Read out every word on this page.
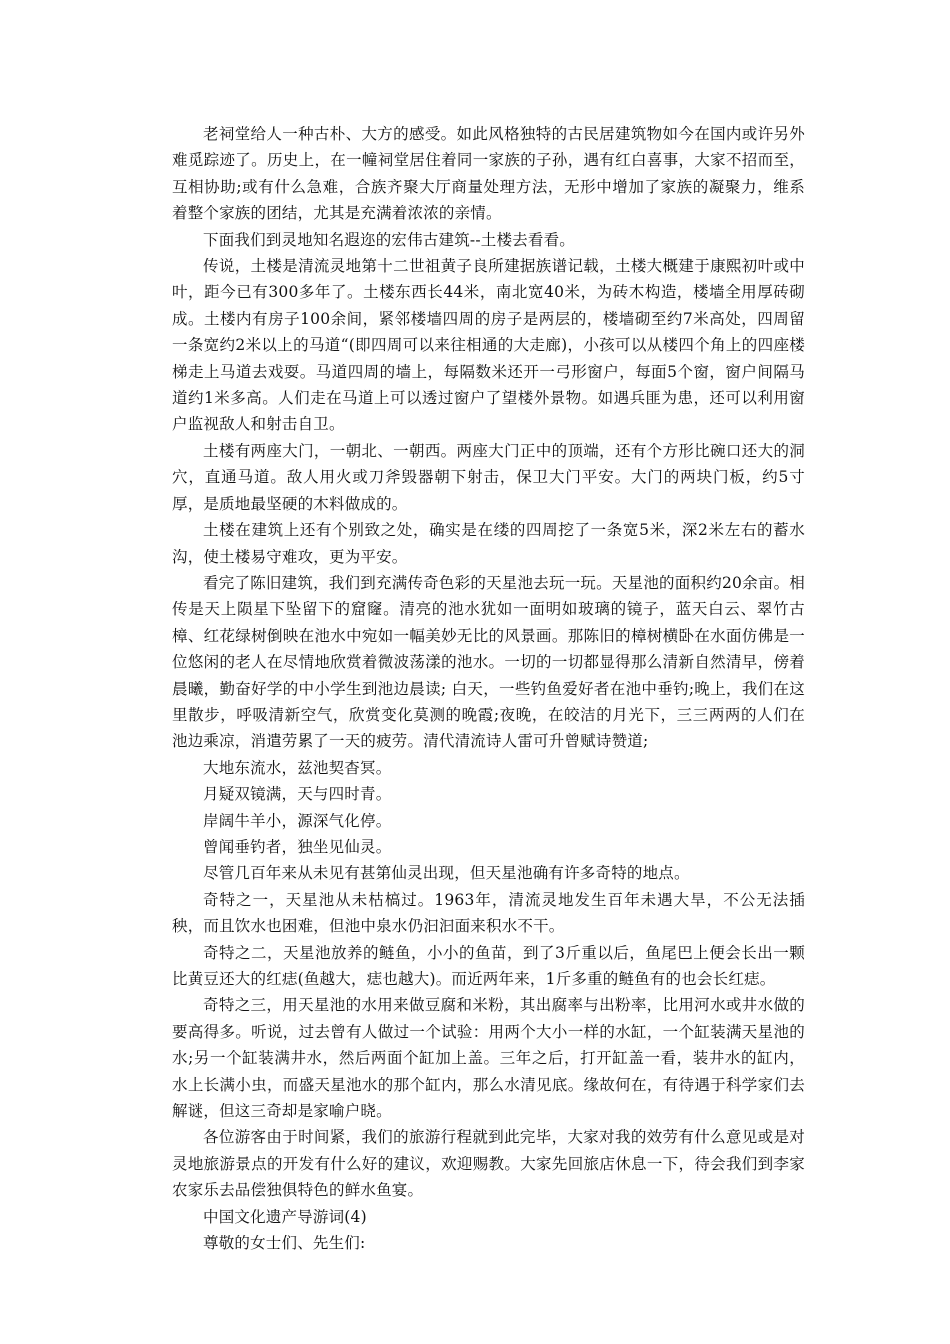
老祠堂给人一种古朴、大方的感受。如此风格独特的古民居建筑物如今在国内或许另外难觅踪迹了。历史上，在一幢祠堂居住着同一家族的子孙，遇有红白喜事，大家不招而至，互相协助;或有什么急难，合族齐聚大厅商量处理方法，无形中增加了家族的凝聚力，维系着整个家族的团结，尤其是充满着浓浓的亲情。

下面我们到灵地知名遐迩的宏伟古建筑--土楼去看看。

传说，土楼是清流灵地第十二世祖黄子良所建据族谱记载，土楼大概建于康熙初叶或中叶，距今已有300多年了。土楼东西长44米，南北宽40米，为砖木构造，楼墙全用厚砖砌成。土楼内有房子100余间，紧邻楼墙四周的房子是两层的，楼墙砌至约7米高处，四周留一条宽约2米以上的马道“(即四周可以来往相通的大走廊)，小孩可以从楼四个角上的四座楼梯走上马道去戏耍。马道四周的墙上，每隔数米还开一弓形窗户，每面5个窗，窗户间隔马道约1米多高。人们走在马道上可以透过窗户了望楼外景物。如遇兵匪为患，还可以利用窗户监视敌人和射击自卫。

土楼有两座大门，一朝北、一朝西。两座大门正中的顶端，还有个方形比碗口还大的洞穴，直通马道。敌人用火或刀斧毁器朝下射击，保卫大门平安。大门的两块门板，约5寸厚，是质地最坚硬的木料做成的。

土楼在建筑上还有个别致之处，确实是在缕的四周挖了一条宽5米，深2米左右的蓄水沟，使土楼易守难攻，更为平安。

看完了陈旧建筑，我们到充满传奇色彩的天星池去玩一玩。天星池的面积约20余亩。相传是天上陨星下坠留下的窟窿。清亮的池水犹如一面明如玻璃的镜子，蓝天白云、翠竹古樟、红花绿树倒映在池水中宛如一幅美妙无比的风景画。那陈旧的樟树横卧在水面仿佛是一位悠闲的老人在尽情地欣赏着微波荡漾的池水。一切的一切都显得那么清新自然清早，傍着晨曦，勤奋好学的中小学生到池边晨读; 白天，一些钓鱼爱好者在池中垂钓;晚上，我们在这里散步，呼吸清新空气，欣赏变化莫测的晚霞;夜晚，在皎洁的月光下，三三两两的人们在池边乘凉，消遣劳累了一天的疲劳。清代清流诗人雷可升曾赋诗赞道;

大地东流水，兹池契杳冥。

月疑双镜满，天与四时青。

岸阔牛羊小，源深气化停。

曾闻垂钓者，独坐见仙灵。

尽管几百年来从未见有甚第仙灵出现，但天星池确有许多奇特的地点。

奇特之一，天星池从未枯槁过。1963年，清流灵地发生百年未遇大旱，不公无法插秧，而且饮水也困难，但池中泉水仍汩汩面来积水不干。

奇特之二，天星池放养的鲢鱼，小小的鱼苗，到了3斤重以后，鱼尾巴上便会长出一颗比黄豆还大的红痣(鱼越大，痣也越大)。而近两年来，1斤多重的鲢鱼有的也会长红痣。

奇特之三，用天星池的水用来做豆腐和米粉，其出腐率与出粉率，比用河水或井水做的要高得多。听说，过去曾有人做过一个试验：用两个大小一样的水缸，一个缸装满天星池的水;另一个缸装满井水，然后两面个缸加上盖。三年之后，打开缸盖一看，装井水的缸内，水上长满小虫，而盛天星池水的那个缸内，那么水清见底。缘故何在，有待遇于科学家们去解谜，但这三奇却是家喻户晓。

各位游客由于时间紧，我们的旅游行程就到此完毕，大家对我的效劳有什么意见或是对灵地旅游景点的开发有什么好的建议，欢迎赐教。大家先回旅店休息一下，待会我们到李家农家乐去品偿独俱特色的鲜水鱼宴。

中国文化遗产导游词(4)

尊敬的女士们、先生们:
